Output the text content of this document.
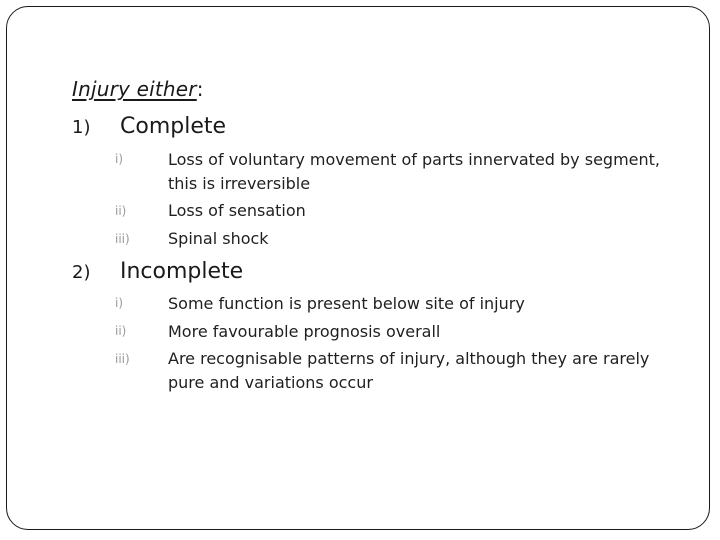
Injury either:
1) Complete
i)	Loss of voluntary movement of parts innervated by segment,
this is irreversible
ii)	Loss of sensation
iii) Spinal shock
2) Incomplete
i)	Some function is present below site of injury
ii)	More favourable prognosis overall
iii) Are recognisable patterns of injury, although they are rarely
pure and variations occur
